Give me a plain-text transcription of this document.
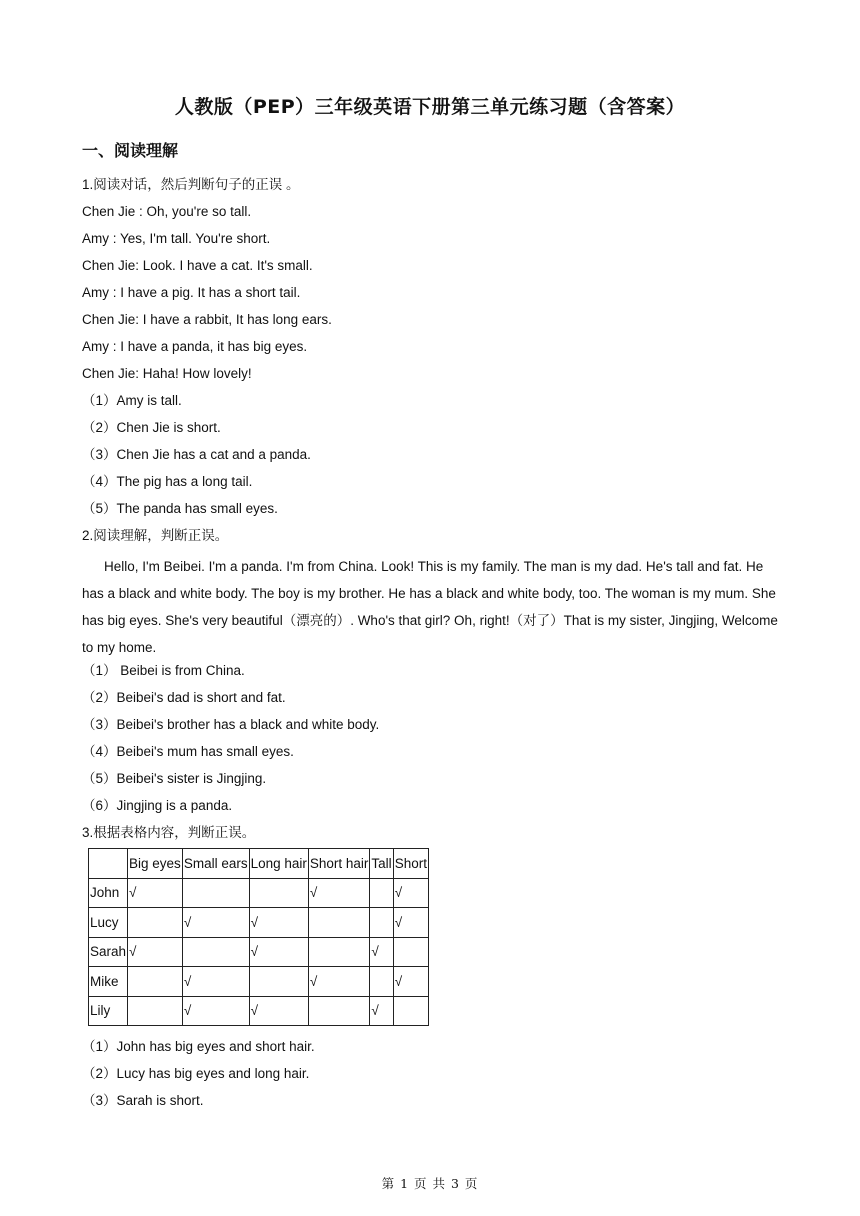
人教版（PEP）三年级英语下册第三单元练习题（含答案）
一、阅读理解
1.阅读对话，然后判断句子的正误 。
Chen Jie : Oh, you're so tall.
Amy : Yes, I'm tall. You're short.
Chen Jie: Look. I have a cat. It's small.
Amy : I have a pig. It has a short tail.
Chen Jie: I have a rabbit, It has long ears.
Amy : I have a panda, it has big eyes.
Chen Jie: Haha! How lovely!
（1）Amy is tall.
（2）Chen Jie is short.
（3）Chen Jie has a cat and a panda.
（4）The pig has a long tail.
（5）The panda has small eyes.
2.阅读理解，判断正误。
Hello, I'm Beibei. I'm a panda. I'm from China. Look! This is my family. The man is my dad. He's tall and fat. He has a black and white body. The boy is my brother. He has a black and white body, too. The woman is my mum. She has big eyes. She's very beautiful（漂亮的）. Who's that girl? Oh, right!（对了）That is my sister, Jingjing, Welcome to my home.
（1） Beibei is from China.
（2）Beibei's dad is short and fat.
（3）Beibei's brother has a black and white body.
（4）Beibei's mum has small eyes.
（5）Beibei's sister is Jingjing.
（6）Jingjing is a panda.
3.根据表格内容，判断正误。
	Big eyes	Small ears	Long hair	Short hair	Tall	Short
John	√			√		√
Lucy		√	√			√
Sarah	√		√		√	
Mike		√		√		√
Lily		√	√		√	
（1）John has big eyes and short hair.
（2）Lucy has big eyes and long hair.
（3）Sarah is short.
第 1 页 共 3 页
